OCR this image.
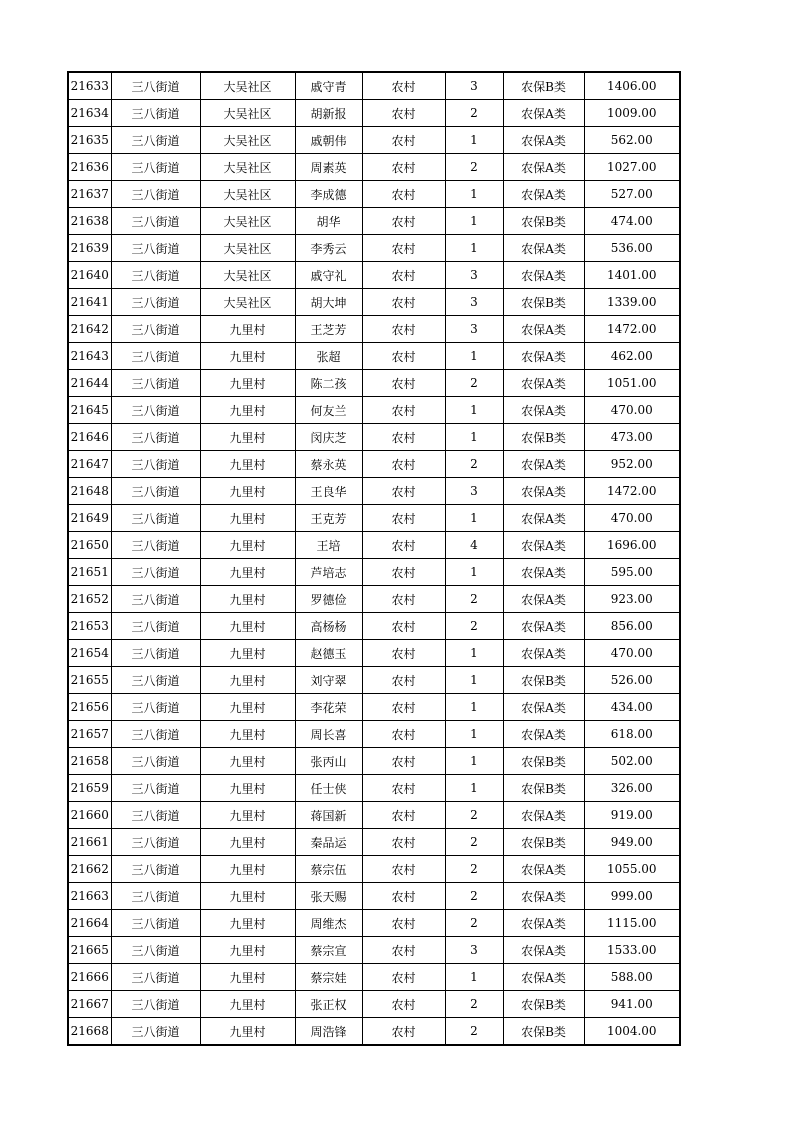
21633	三八街道	大吴社区	戚守青	农村	3	农保B类	1406.00
21634	三八街道	大吴社区	胡新报	农村	2	农保A类	1009.00
21635	三八街道	大吴社区	戚朝伟	农村	1	农保A类	562.00
21636	三八街道	大吴社区	周素英	农村	2	农保A类	1027.00
21637	三八街道	大吴社区	李成德	农村	1	农保A类	527.00
21638	三八街道	大吴社区	胡华	农村	1	农保B类	474.00
21639	三八街道	大吴社区	李秀云	农村	1	农保A类	536.00
21640	三八街道	大吴社区	戚守礼	农村	3	农保A类	1401.00
21641	三八街道	大吴社区	胡大坤	农村	3	农保B类	1339.00
21642	三八街道	九里村	王芝芳	农村	3	农保A类	1472.00
21643	三八街道	九里村	张超	农村	1	农保A类	462.00
21644	三八街道	九里村	陈二孩	农村	2	农保A类	1051.00
21645	三八街道	九里村	何友兰	农村	1	农保A类	470.00
21646	三八街道	九里村	闵庆芝	农村	1	农保B类	473.00
21647	三八街道	九里村	蔡永英	农村	2	农保A类	952.00
21648	三八街道	九里村	王良华	农村	3	农保A类	1472.00
21649	三八街道	九里村	王克芳	农村	1	农保A类	470.00
21650	三八街道	九里村	王培	农村	4	农保A类	1696.00
21651	三八街道	九里村	芦培志	农村	1	农保A类	595.00
21652	三八街道	九里村	罗德俭	农村	2	农保A类	923.00
21653	三八街道	九里村	高杨杨	农村	2	农保A类	856.00
21654	三八街道	九里村	赵德玉	农村	1	农保A类	470.00
21655	三八街道	九里村	刘守翠	农村	1	农保B类	526.00
21656	三八街道	九里村	李花荣	农村	1	农保A类	434.00
21657	三八街道	九里村	周长喜	农村	1	农保A类	618.00
21658	三八街道	九里村	张丙山	农村	1	农保B类	502.00
21659	三八街道	九里村	任士侠	农村	1	农保B类	326.00
21660	三八街道	九里村	蒋国新	农村	2	农保A类	919.00
21661	三八街道	九里村	秦品运	农村	2	农保B类	949.00
21662	三八街道	九里村	蔡宗伍	农村	2	农保A类	1055.00
21663	三八街道	九里村	张天赐	农村	2	农保A类	999.00
21664	三八街道	九里村	周维杰	农村	2	农保A类	1115.00
21665	三八街道	九里村	蔡宗宣	农村	3	农保A类	1533.00
21666	三八街道	九里村	蔡宗娃	农村	1	农保A类	588.00
21667	三八街道	九里村	张正权	农村	2	农保B类	941.00
21668	三八街道	九里村	周浩锋	农村	2	农保B类	1004.00
